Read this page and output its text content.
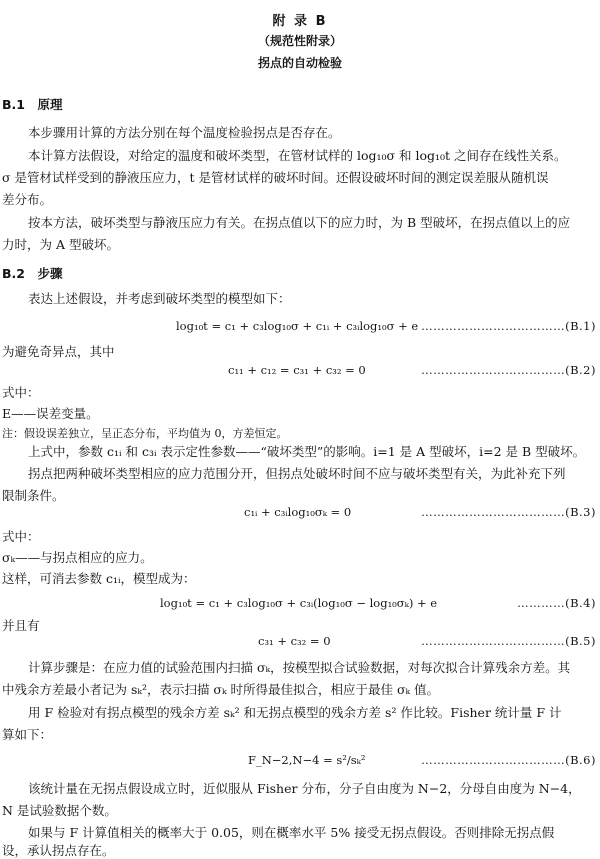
附 录 B
（规范性附录）
拐点的自动检验
B.1　原理
本步骤用计算的方法分别在每个温度检验拐点是否存在。
本计算方法假设，对给定的温度和破坏类型，在管材试样的 log₁₀σ 和 log₁₀t 之间存在线性关系。
σ 是管材试样受到的静液压应力，t 是管材试样的破坏时间。还假设破坏时间的测定误差服从随机误
差分布。
按本方法，破坏类型与静液压应力有关。在拐点值以下的应力时，为 B 型破坏，在拐点值以上的应
力时，为 A 型破坏。
B.2　步骤
表达上述假设，并考虑到破坏类型的模型如下：
log₁₀t = c₁ + c₃log₁₀σ + c₁ᵢ + c₃ᵢlog₁₀σ + e ………………………………(B.1)
为避免奇异点，其中
c₁₁ + c₁₂ = c₃₁ + c₃₂ = 0	………………………………(B.2)
式中：
E——误差变量。
注：假设误差独立，呈正态分布，平均值为 0，方差恒定。
上式中，参数 c₁ᵢ 和 c₃ᵢ 表示定性参数——“破坏类型”的影响。i=1 是 A 型破坏，i=2 是 B 型破坏。
拐点把两种破坏类型相应的应力范围分开，但拐点处破坏时间不应与破坏类型有关，为此补充下列
限制条件。
c₁ᵢ + c₃ᵢlog₁₀σₖ = 0	………………………………(B.3)
式中：
σₖ——与拐点相应的应力。
这样，可消去参数 c₁ᵢ，模型成为：
log₁₀t = c₁ + c₃log₁₀σ + c₃ᵢ(log₁₀σ − log₁₀σₖ) + e	…………(B.4)
并且有
c₃₁ + c₃₂ = 0	………………………………(B.5)
计算步骤是：在应力值的试验范围内扫描 σₖ，按模型拟合试验数据，对每次拟合计算残余方差。其
中残余方差最小者记为 sₖ²，表示扫描 σₖ 时所得最佳拟合，相应于最佳 σₖ 值。
用 F 检验对有拐点模型的残余方差 sₖ² 和无拐点模型的残余方差 s² 作比较。Fisher 统计量 F 计
算如下：
F_N−2,N−4 = s²/sₖ²	………………………………(B.6)
该统计量在无拐点假设成立时，近似服从 Fisher 分布，分子自由度为 N−2，分母自由度为 N−4，
N 是试验数据个数。
如果与 F 计算值相关的概率大于 0.05，则在概率水平 5% 接受无拐点假设。否则排除无拐点假
设，承认拐点存在。
